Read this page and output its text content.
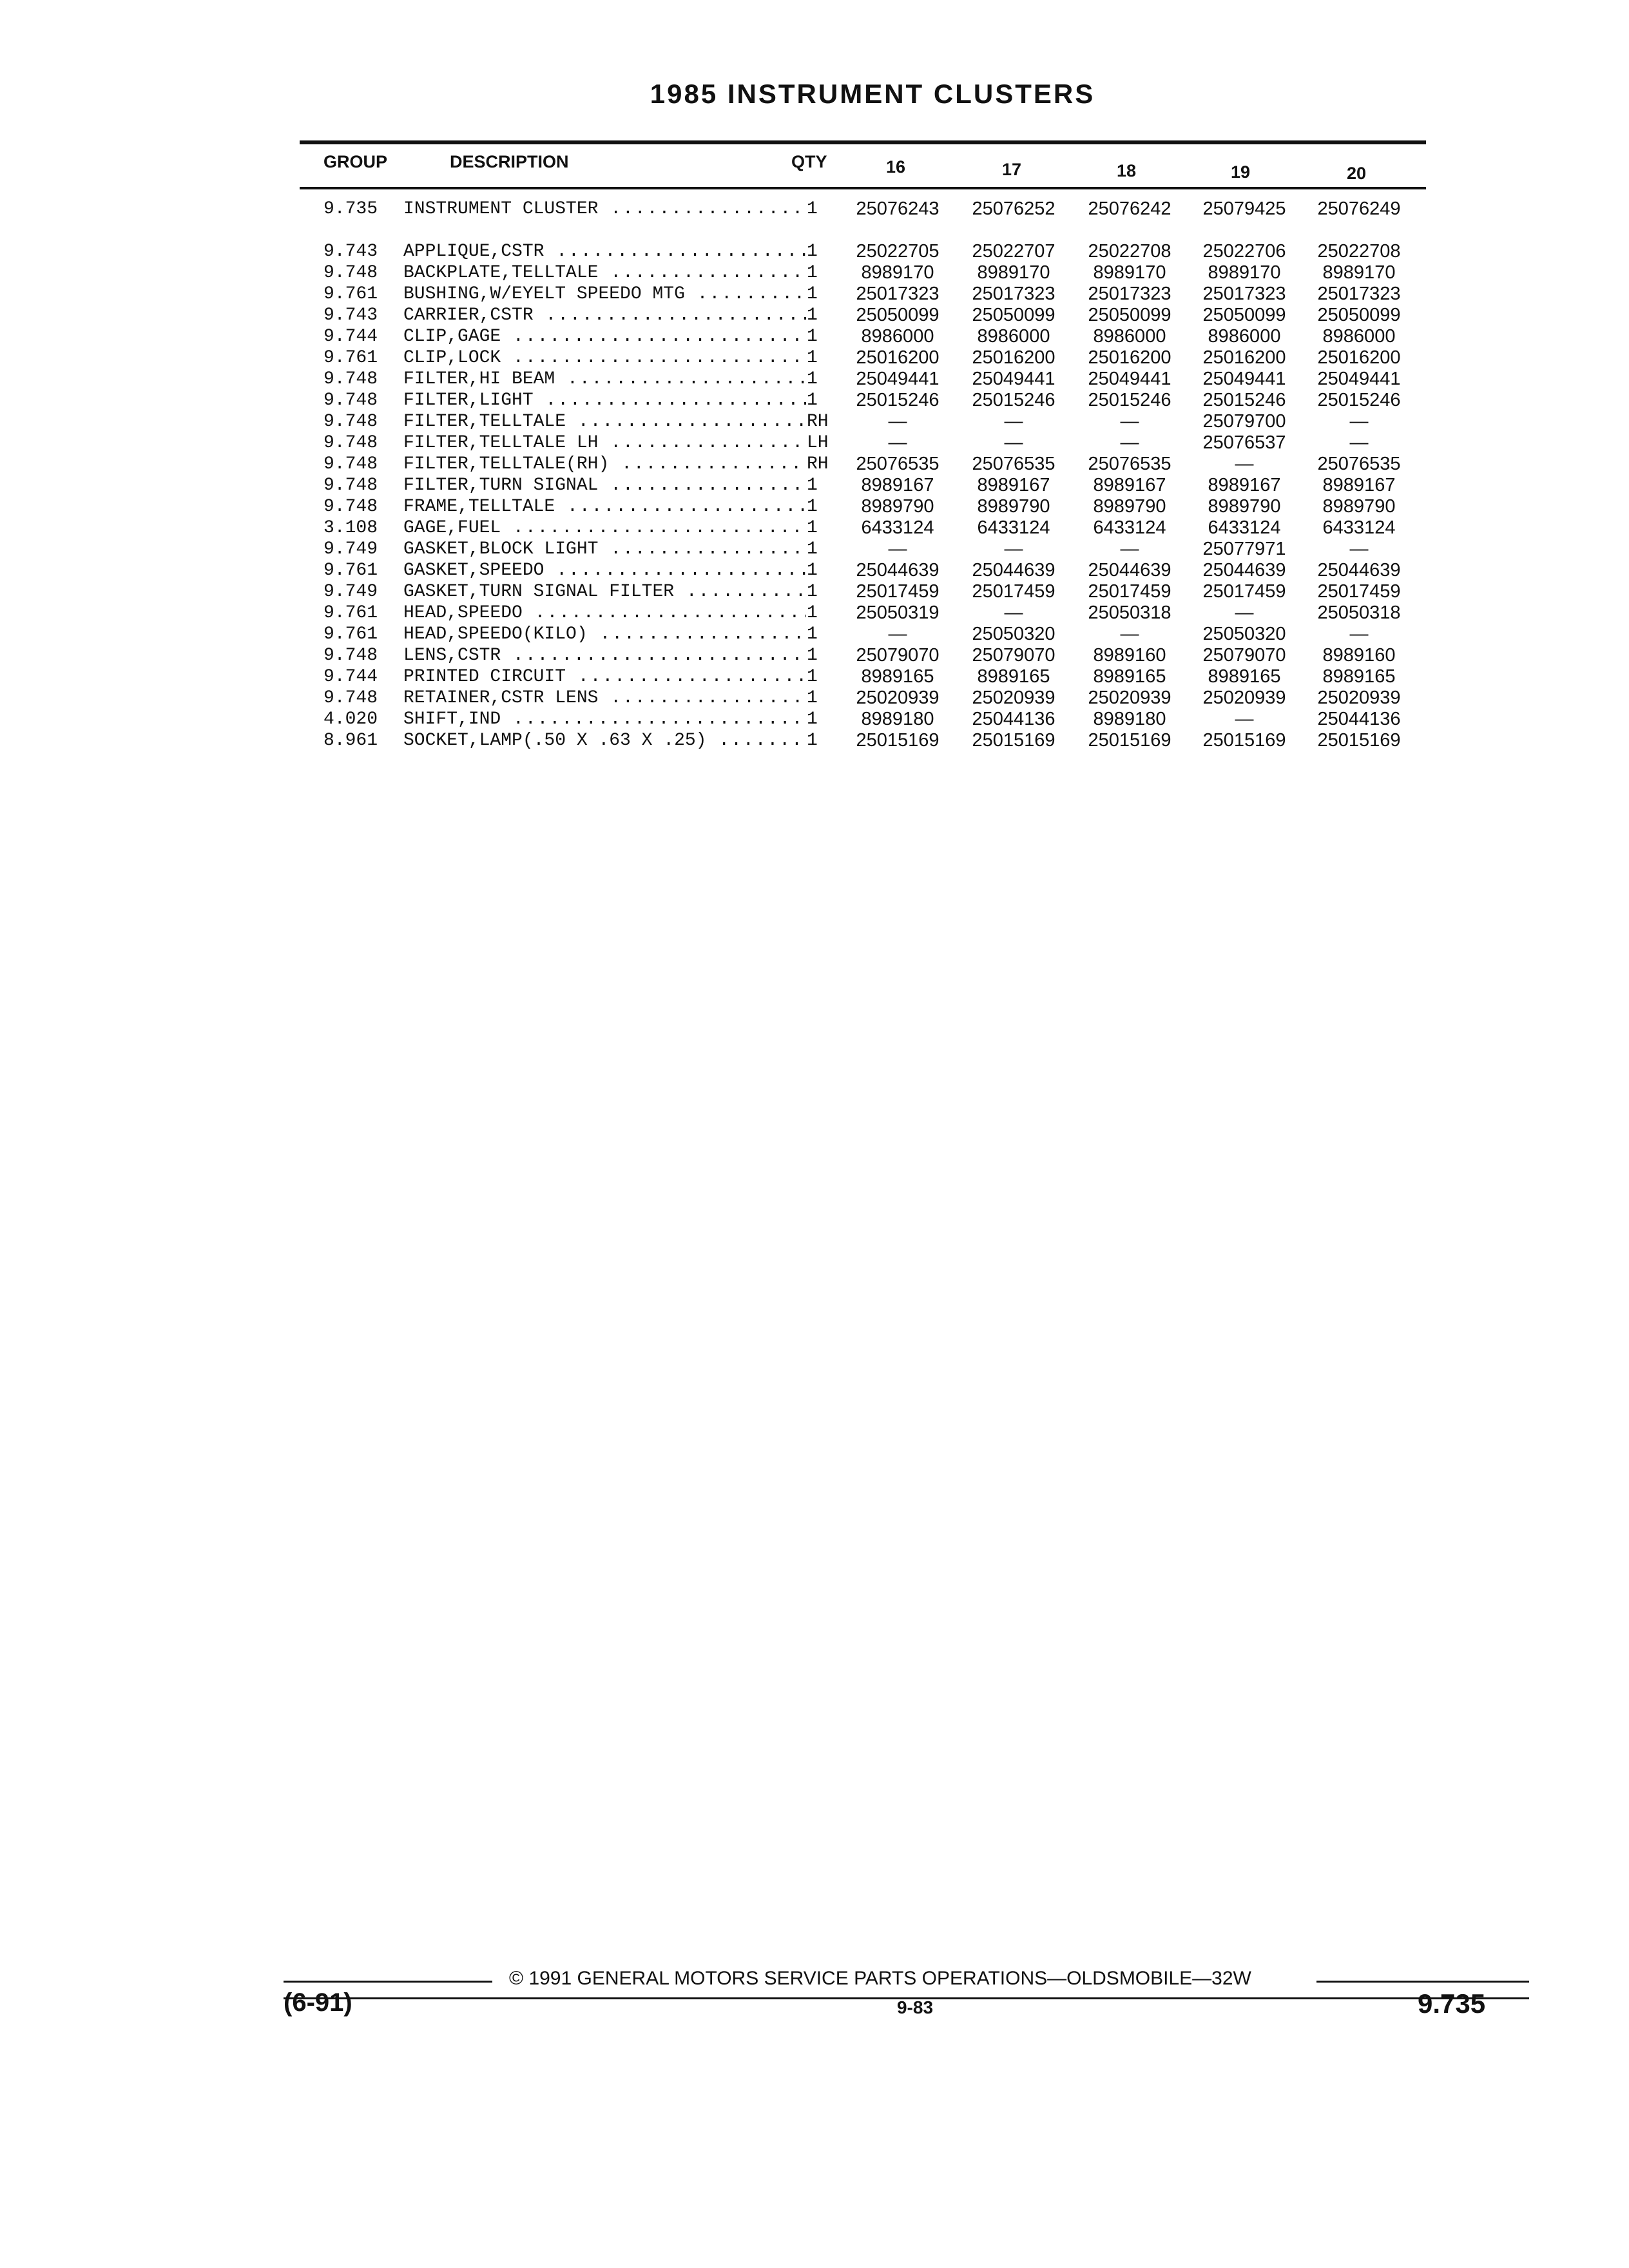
1985 INSTRUMENT CLUSTERS
GROUP	DESCRIPTION	QTY	16	17	18	19	20
9.735 INSTRUMENT CLUSTER .....	1	25076243	25076252	25076242	25079425	25076249
9.743 APPLIQUE,CSTR .....	1	25022705	25022707	25022708	25022706	25022708
9.748 BACKPLATE,TELLTALE .....	1	8989170	8989170	8989170	8989170	8989170
9.761 BUSHING,W/EYELT SPEEDO MTG .....	1	25017323	25017323	25017323	25017323	25017323
9.743 CARRIER,CSTR .....	1	25050099	25050099	25050099	25050099	25050099
9.744 CLIP,GAGE .....	1	8986000	8986000	8986000	8986000	8986000
9.761 CLIP,LOCK .....	1	25016200	25016200	25016200	25016200	25016200
9.748 FILTER,HI BEAM .....	1	25049441	25049441	25049441	25049441	25049441
9.748 FILTER,LIGHT .....	1	25015246	25015246	25015246	25015246	25015246
9.748 FILTER,TELLTALE .....	RH	—	—	—	25079700	—
9.748 FILTER,TELLTALE LH .....	LH	—	—	—	25076537	—
9.748 FILTER,TELLTALE(RH) .....	RH	25076535	25076535	25076535	—	25076535
9.748 FILTER,TURN SIGNAL .....	1	8989167	8989167	8989167	8989167	8989167
9.748 FRAME,TELLTALE .....	1	8989790	8989790	8989790	8989790	8989790
3.108 GAGE,FUEL .....	1	6433124	6433124	6433124	6433124	6433124
9.749 GASKET,BLOCK LIGHT .....	1	—	—	—	25077971	—
9.761 GASKET,SPEEDO .....	1	25044639	25044639	25044639	25044639	25044639
9.749 GASKET,TURN SIGNAL FILTER .....	1	25017459	25017459	25017459	25017459	25017459
9.761 HEAD,SPEEDO .....	1	25050319	—	25050318	—	25050318
9.761 HEAD,SPEEDO(KILO) .....	1	—	25050320	—	25050320	—
9.748 LENS,CSTR .....	1	25079070	25079070	8989160	25079070	8989160
9.744 PRINTED CIRCUIT .....	1	8989165	8989165	8989165	8989165	8989165
9.748 RETAINER,CSTR LENS .....	1	25020939	25020939	25020939	25020939	25020939
4.020 SHIFT,IND .....	1	8989180	25044136	8989180	—	25044136
8.961 SOCKET,LAMP(.50 X .63 X .25) .....	1	25015169	25015169	25015169	25015169	25015169
© 1991 GENERAL MOTORS SERVICE PARTS OPERATIONS—OLDSMOBILE—32W
(6-91)	9-83	9.735
